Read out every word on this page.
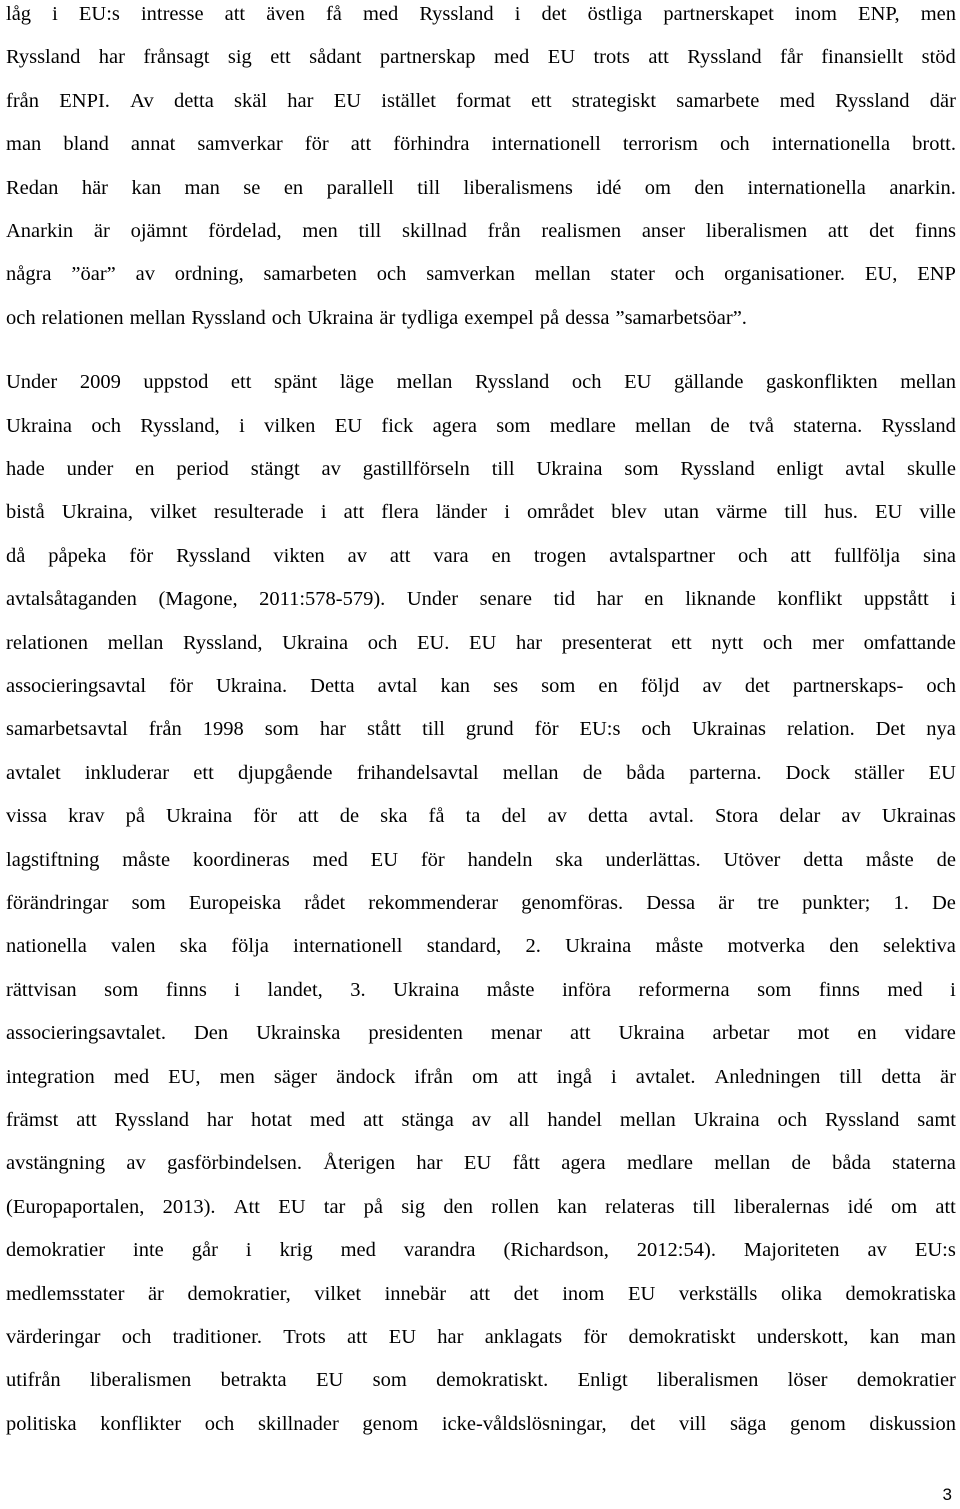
låg i EU:s intresse att även få med Ryssland i det östliga partnerskapet inom ENP, men
Ryssland har frånsagt sig ett sådant partnerskap med EU trots att Ryssland får finansiellt stöd
från ENPI. Av detta skäl har EU istället format ett strategiskt samarbete med Ryssland där
man bland annat samverkar för att förhindra internationell terrorism och internationella brott.
Redan här kan man se en parallell till liberalismens idé om den internationella anarkin.
Anarkin är ojämnt fördelad, men till skillnad från realismen anser liberalismen att det finns
några ”öar” av ordning, samarbeten och samverkan mellan stater och organisationer. EU, ENP
och relationen mellan Ryssland och Ukraina är tydliga exempel på dessa ”samarbetsöar”.
Under 2009 uppstod ett spänt läge mellan Ryssland och EU gällande gaskonflikten mellan
Ukraina och Ryssland, i vilken EU fick agera som medlare mellan de två staterna. Ryssland
hade under en period stängt av gastillförseln till Ukraina som Ryssland enligt avtal skulle
bistå Ukraina, vilket resulterade i att flera länder i området blev utan värme till hus. EU ville
då påpeka för Ryssland vikten av att vara en trogen avtalspartner och att fullfölja sina
avtalsåtaganden (Magone, 2011:578-579). Under senare tid har en liknande konflikt uppstått i
relationen mellan Ryssland, Ukraina och EU. EU har presenterat ett nytt och mer omfattande
associeringsavtal för Ukraina. Detta avtal kan ses som en följd av det partnerskaps- och
samarbetsavtal från 1998 som har stått till grund för EU:s och Ukrainas relation. Det nya
avtalet inkluderar ett djupgående frihandelsavtal mellan de båda parterna. Dock ställer EU
vissa krav på Ukraina för att de ska få ta del av detta avtal. Stora delar av Ukrainas
lagstiftning måste koordineras med EU för handeln ska underlättas. Utöver detta måste de
förändringar som Europeiska rådet rekommenderar genomföras. Dessa är tre punkter; 1. De
nationella valen ska följa internationell standard, 2. Ukraina måste motverka den selektiva
rättvisan som finns i landet, 3. Ukraina måste införa reformerna som finns med i
associeringsavtalet. Den Ukrainska presidenten menar att Ukraina arbetar mot en vidare
integration med EU, men säger ändock ifrån om att ingå i avtalet. Anledningen till detta är
främst att Ryssland har hotat med att stänga av all handel mellan Ukraina och Ryssland samt
avstängning av gasförbindelsen. Återigen har EU fått agera medlare mellan de båda staterna
(Europaportalen, 2013). Att EU tar på sig den rollen kan relateras till liberalernas idé om att
demokratier inte går i krig med varandra (Richardson, 2012:54). Majoriteten av EU:s
medlemsstater är demokratier, vilket innebär att det inom EU verkställs olika demokratiska
värderingar och traditioner. Trots att EU har anklagats för demokratiskt underskott, kan man
utifrån liberalismen betrakta EU som demokratiskt. Enligt liberalismen löser demokratier
politiska konflikter och skillnader genom icke-våldslösningar, det vill säga genom diskussion
3
